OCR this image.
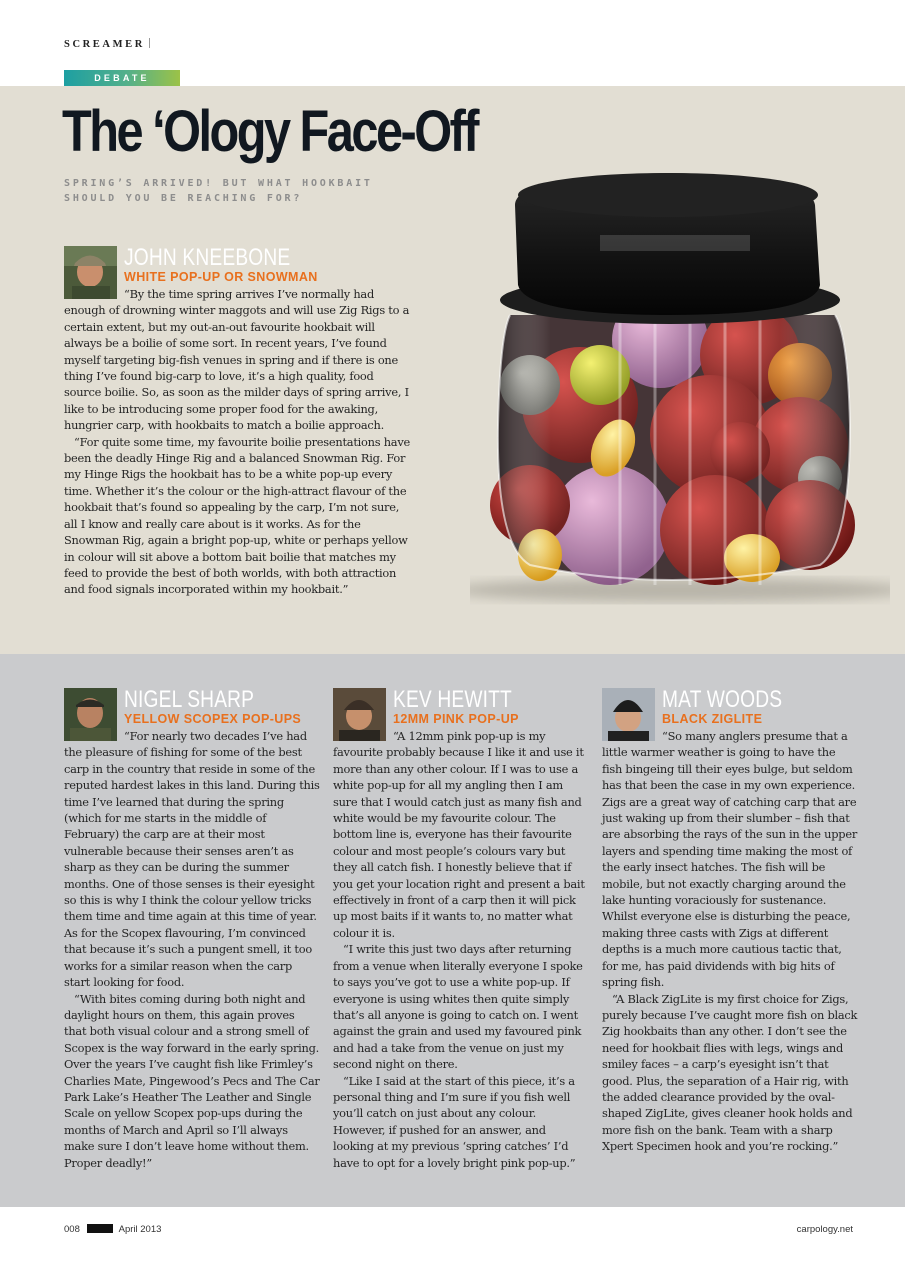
SCREAMER
DEBATE
The ‘Ology Face-Off
SPRING’S ARRIVED! BUT WHAT HOOKBAIT SHOULD YOU BE REACHING FOR?
JOHN KNEEBONE
WHITE POP-UP OR SNOWMAN

“By the time spring arrives I’ve normally had enough of drowning winter maggots and will use Zig Rigs to a certain extent, but my out-an-out favourite hookbait will always be a boilie of some sort. In recent years, I’ve found myself targeting big-fish venues in spring and if there is one thing I’ve found big-carp to love, it’s a high quality, food source boilie. So, as soon as the milder days of spring arrive, I like to be introducing some proper food for the awaking, hungrier carp, with hookbaits to match a boilie approach.

“For quite some time, my favourite boilie presentations have been the deadly Hinge Rig and a balanced Snowman Rig. For my Hinge Rigs the hookbait has to be a white pop-up every time. Whether it’s the colour or the high-attract flavour of the hookbait that’s found so appealing by the carp, I’m not sure, all I know and really care about is it works. As for the Snowman Rig, again a bright pop-up, white or perhaps yellow in colour will sit above a bottom bait boilie that matches my feed to provide the best of both worlds, with both attraction and food signals incorporated within my hookbait.”

NIGEL SHARP
YELLOW SCOPEX POP-UPS

“For nearly two decades I’ve had the pleasure of fishing for some of the best carp in the country that reside in some of the reputed hardest lakes in this land. During this time I’ve learned that during the spring (which for me starts in the middle of February) the carp are at their most vulnerable because their senses aren’t as sharp as they can be during the summer months. One of those senses is their eyesight so this is why I think the colour yellow tricks them time and time again at this time of year. As for the Scopex flavouring, I’m convinced that because it’s such a pungent smell, it too works for a similar reason when the carp start looking for food.

“With bites coming during both night and daylight hours on them, this again proves that both visual colour and a strong smell of Scopex is the way forward in the early spring. Over the years I’ve caught fish like Frimley’s Charlies Mate, Pingewood’s Pecs and The Car Park Lake’s Heather The Leather and Single Scale on yellow Scopex pop-ups during the months of March and April so I’ll always make sure I don’t leave home without them. Proper deadly!”

KEV HEWITT
12MM PINK POP-UP

“A 12mm pink pop-up is my favourite probably because I like it and use it more than any other colour. If I was to use a white pop-up for all my angling then I am sure that I would catch just as many fish and white would be my favourite colour. The bottom line is, everyone has their favourite colour and most people’s colours vary but they all catch fish. I honestly believe that if you get your location right and present a bait effectively in front of a carp then it will pick up most baits if it wants to, no matter what colour it is.

“I write this just two days after returning from a venue when literally everyone I spoke to says you’ve got to use a white pop-up. If everyone is using whites then quite simply that’s all anyone is going to catch on. I went against the grain and used my favoured pink and had a take from the venue on just my second night on there.

“Like I said at the start of this piece, it’s a personal thing and I’m sure if you fish well you’ll catch on just about any colour. However, if pushed for an answer, and looking at my previous ‘spring catches’ I’d have to opt for a lovely bright pink pop-up.”

MAT WOODS
BLACK ZIGLITE

“So many anglers presume that a little warmer weather is going to have the fish bingeing till their eyes bulge, but seldom has that been the case in my own experience. Zigs are a great way of catching carp that are just waking up from their slumber – fish that are absorbing the rays of the sun in the upper layers and spending time making the most of the early insect hatches. The fish will be mobile, but not exactly charging around the lake hunting voraciously for sustenance. Whilst everyone else is disturbing the peace, making three casts with Zigs at different depths is a much more cautious tactic that, for me, has paid dividends with big hits of spring fish.

“A Black ZigLite is my first choice for Zigs, purely because I’ve caught more fish on black Zig hookbaits than any other. I don’t see the need for hookbait flies with legs, wings and smiley faces – a carp’s eyesight isn’t that good. Plus, the separation of a Hair rig, with the added clearance provided by the oval-shaped ZigLite, gives cleaner hook holds and more fish on the bank. Team with a sharp Xpert Specimen hook and you’re rocking.”

008	April 2013	carpology.net
